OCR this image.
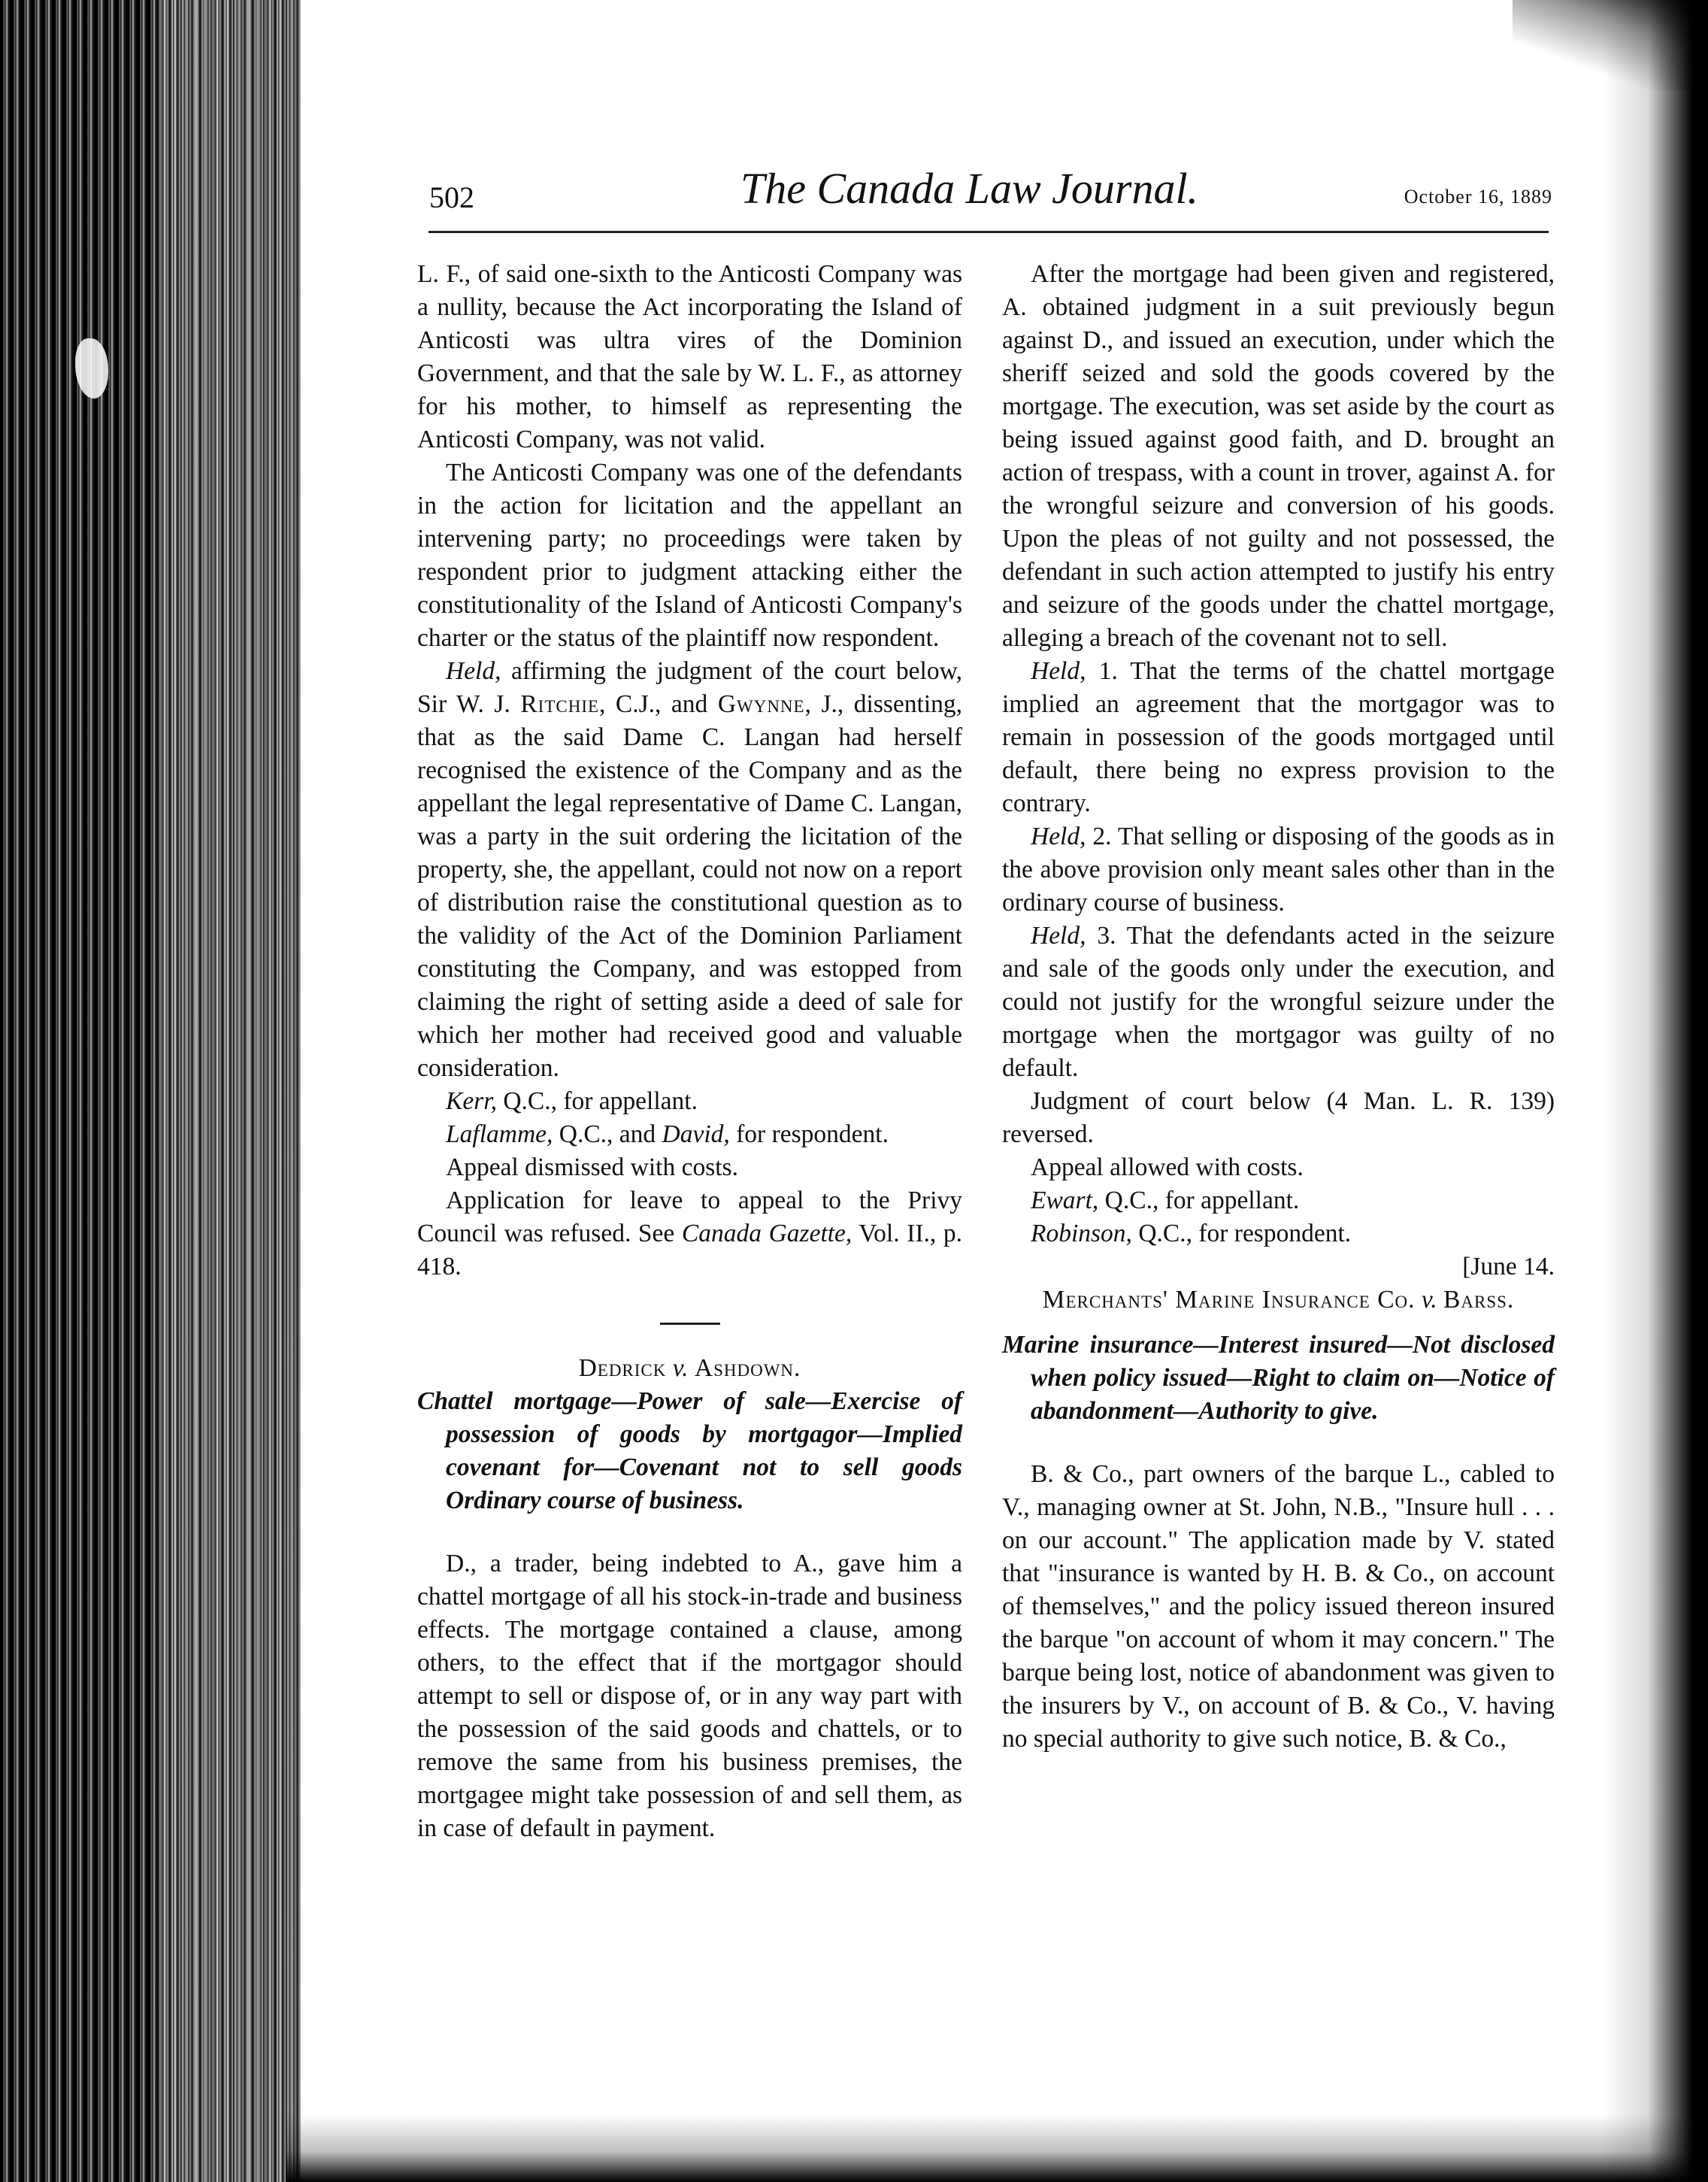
502	The Canada Law Journal.	October 16, 1889

L. F., of said one-sixth to the Anticosti Company was a nullity, because the Act incorporating the Island of Anticosti was ultra vires of the Dominion Government, and that the sale by W. L. F., as attorney for his mother, to himself as representing the Anticosti Company, was not valid.

The Anticosti Company was one of the defendants in the action for licitation and the appellant an intervening party; no proceedings were taken by respondent prior to judgment attacking either the constitutionality of the Island of Anticosti Company's charter or the status of the plaintiff now respondent.

Held, affirming the judgment of the court below, Sir W. J. Ritchie, C.J., and Gwynne, J., dissenting, that as the said Dame C. Langan had herself recognised the existence of the Company and as the appellant the legal representative of Dame C. Langan, was a party in the suit ordering the licitation of the property, she, the appellant, could not now on a report of distribution raise the constitutional question as to the validity of the Act of the Dominion Parliament constituting the Company, and was estopped from claiming the right of setting aside a deed of sale for which her mother had received good and valuable consideration.

Kerr, Q.C., for appellant.

Laflamme, Q.C., and David, for respondent.

Appeal dismissed with costs.

Application for leave to appeal to the Privy Council was refused. See Canada Gazette, Vol. II., p. 418.

Dedrick v. Ashdown.

Chattel mortgage—Power of sale—Exercise of possession of goods by mortgagor—Implied covenant for—Covenant not to sell goods Ordinary course of business.

D., a trader, being indebted to A., gave him a chattel mortgage of all his stock-in-trade and business effects. The mortgage contained a clause, among others, to the effect that if the mortgagor should attempt to sell or dispose of, or in any way part with the possession of the said goods and chattels, or to remove the same from his business premises, the mortgagee might take possession of and sell them, as in case of default in payment.

After the mortgage had been given and registered, A. obtained judgment in a suit previously begun against D., and issued an execution, under which the sheriff seized and sold the goods covered by the mortgage. The execution, was set aside by the court as being issued against good faith, and D. brought an action of trespass, with a count in trover, against A. for the wrongful seizure and conversion of his goods. Upon the pleas of not guilty and not possessed, the defendant in such action attempted to justify his entry and seizure of the goods under the chattel mortgage, alleging a breach of the covenant not to sell.

Held, 1. That the terms of the chattel mortgage implied an agreement that the mortgagor was to remain in possession of the goods mortgaged until default, there being no express provision to the contrary.

Held, 2. That selling or disposing of the goods as in the above provision only meant sales other than in the ordinary course of business.

Held, 3. That the defendants acted in the seizure and sale of the goods only under the execution, and could not justify for the wrongful seizure under the mortgage when the mortgagor was guilty of no default.

Judgment of court below (4 Man. L. R. 139) reversed.

Appeal allowed with costs.

Ewart, Q.C., for appellant.

Robinson, Q.C., for respondent.

[June 14.

Merchants' Marine Insurance Co. v. Barss.

Marine insurance—Interest insured—Not disclosed when policy issued—Right to claim on—Notice of abandonment—Authority to give.

B. & Co., part owners of the barque L., cabled to V., managing owner at St. John, N.B., "Insure hull . . . on our account." The application made by V. stated that "insurance is wanted by H. B. & Co., on account of themselves," and the policy issued thereon insured the barque "on account of whom it may concern." The barque being lost, notice of abandonment was given to the insurers by V., on account of B. & Co., V. having no special authority to give such notice, B. & Co.,
